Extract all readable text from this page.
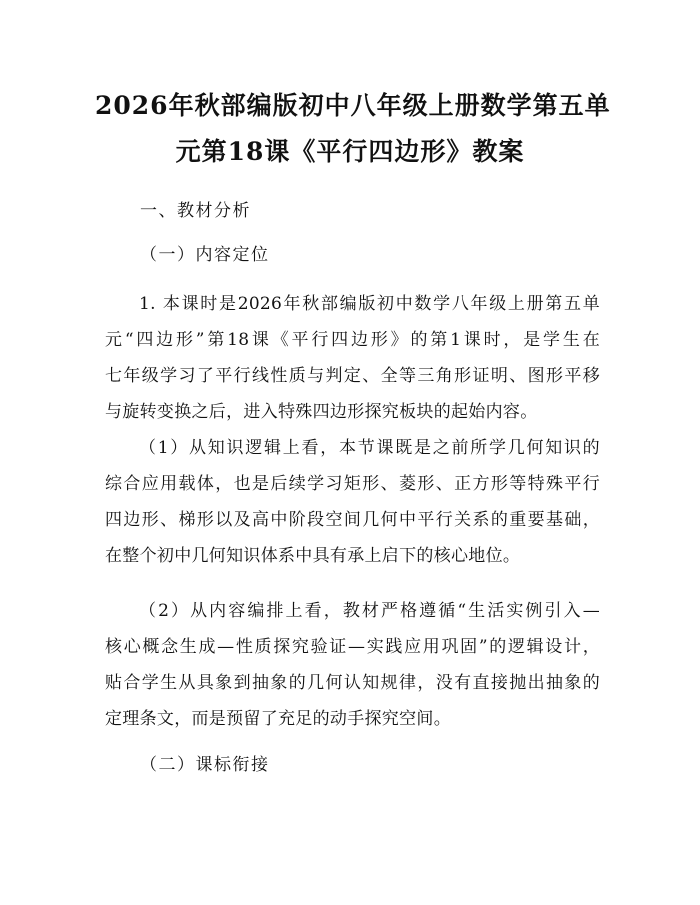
2026年秋部编版初中八年级上册数学第五单
元第18课《平行四边形》教案
一、教材分析
（一）内容定位
1. 本课时是2026年秋部编版初中数学八年级上册第五单
元“四边形”第18课《平行四边形》的第1课时，是学生在
七年级学习了平行线性质与判定、全等三角形证明、图形平移
与旋转变换之后，进入特殊四边形探究板块的起始内容。
（1）从知识逻辑上看，本节课既是之前所学几何知识的
综合应用载体，也是后续学习矩形、菱形、正方形等特殊平行
四边形、梯形以及高中阶段空间几何中平行关系的重要基础，
在整个初中几何知识体系中具有承上启下的核心地位。
（2）从内容编排上看，教材严格遵循“生活实例引入—
核心概念生成—性质探究验证—实践应用巩固”的逻辑设计，
贴合学生从具象到抽象的几何认知规律，没有直接抛出抽象的
定理条文，而是预留了充足的动手探究空间。
（二）课标衔接
